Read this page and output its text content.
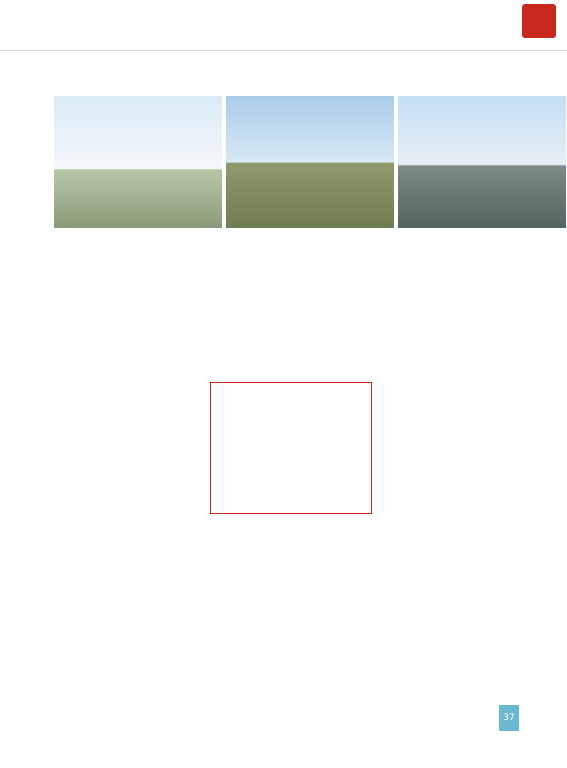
37
